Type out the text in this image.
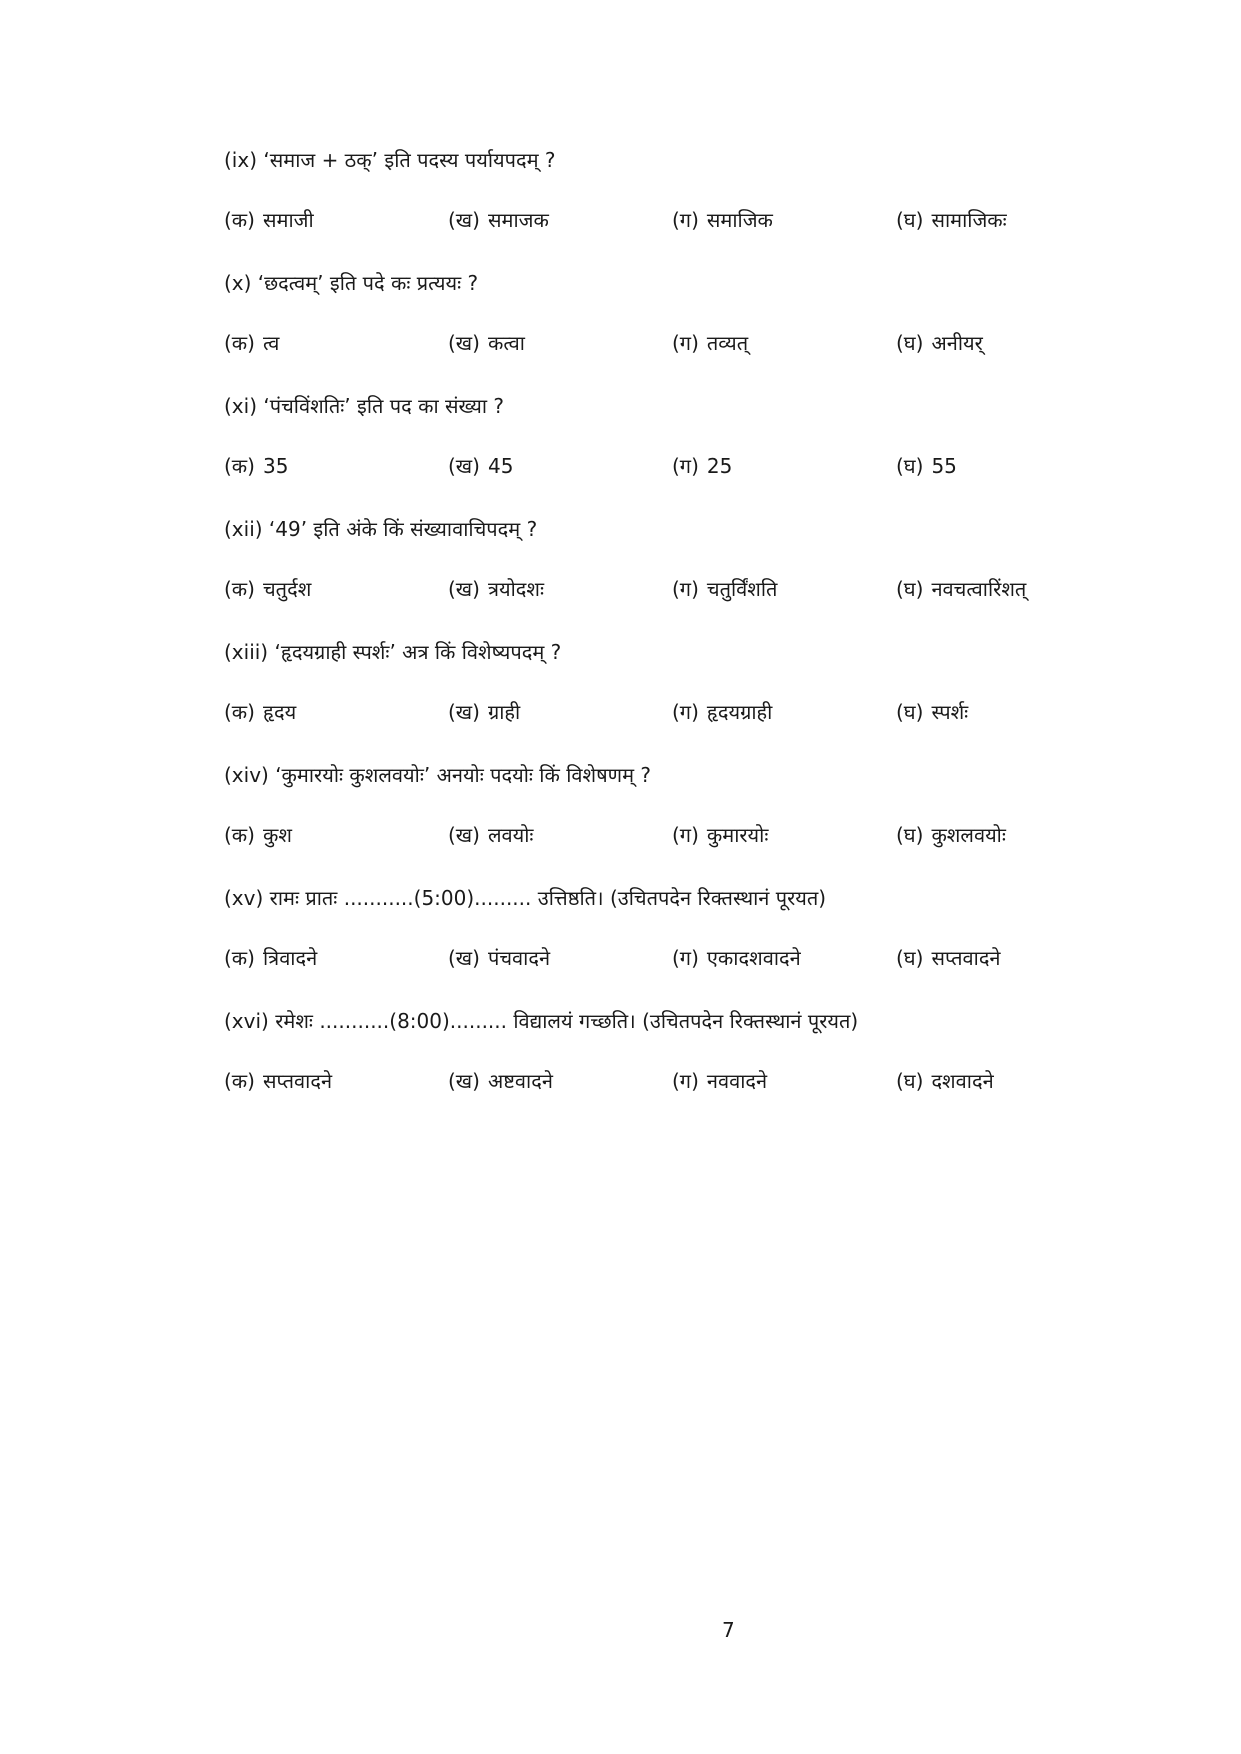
(ix) ‘समाज + ठक्’ इति पदस्य पर्यायपदम् ?
(क) समाजी	(ख) समाजक	(ग) समाजिक	(घ) सामाजिकः
(x) ‘छदत्वम्’ इति पदे कः प्रत्ययः ?
(क) त्व	(ख) कत्वा	(ग) तव्यत्	(घ) अनीयर्
(xi) ‘पंचविंशतिः’ इति पद का संख्या ?
(क) 35	(ख) 45	(ग) 25	(घ) 55
(xii) ‘49’ इति अंके किं संख्यावाचिपदम् ?
(क) चतुर्दश	(ख) त्रयोदशः	(ग) चतुर्विंशति	(घ) नवचत्वारिंशत्
(xiii) ‘हृदयग्राही स्पर्शः’ अत्र किं विशेष्यपदम् ?
(क) हृदय	(ख) ग्राही	(ग) हृदयग्राही	(घ) स्पर्शः
(xiv) ‘कुमारयोः कुशलवयोः’ अनयोः पदयोः किं विशेषणम् ?
(क) कुश	(ख) लवयोः	(ग) कुमारयोः	(घ) कुशलवयोः
(xv) रामः प्रातः ...........(5:00)......... उत्तिष्ठति। (उचितपदेन रिक्तस्थानं पूरयत)
(क) त्रिवादने	(ख) पंचवादने	(ग) एकादशवादने	(घ) सप्तवादने
(xvi) रमेशः ...........(8:00)......... विद्यालयं गच्छति। (उचितपदेन रिक्तस्थानं पूरयत)
(क) सप्तवादने	(ख) अष्टवादने	(ग) नववादने	(घ) दशवादने
7
